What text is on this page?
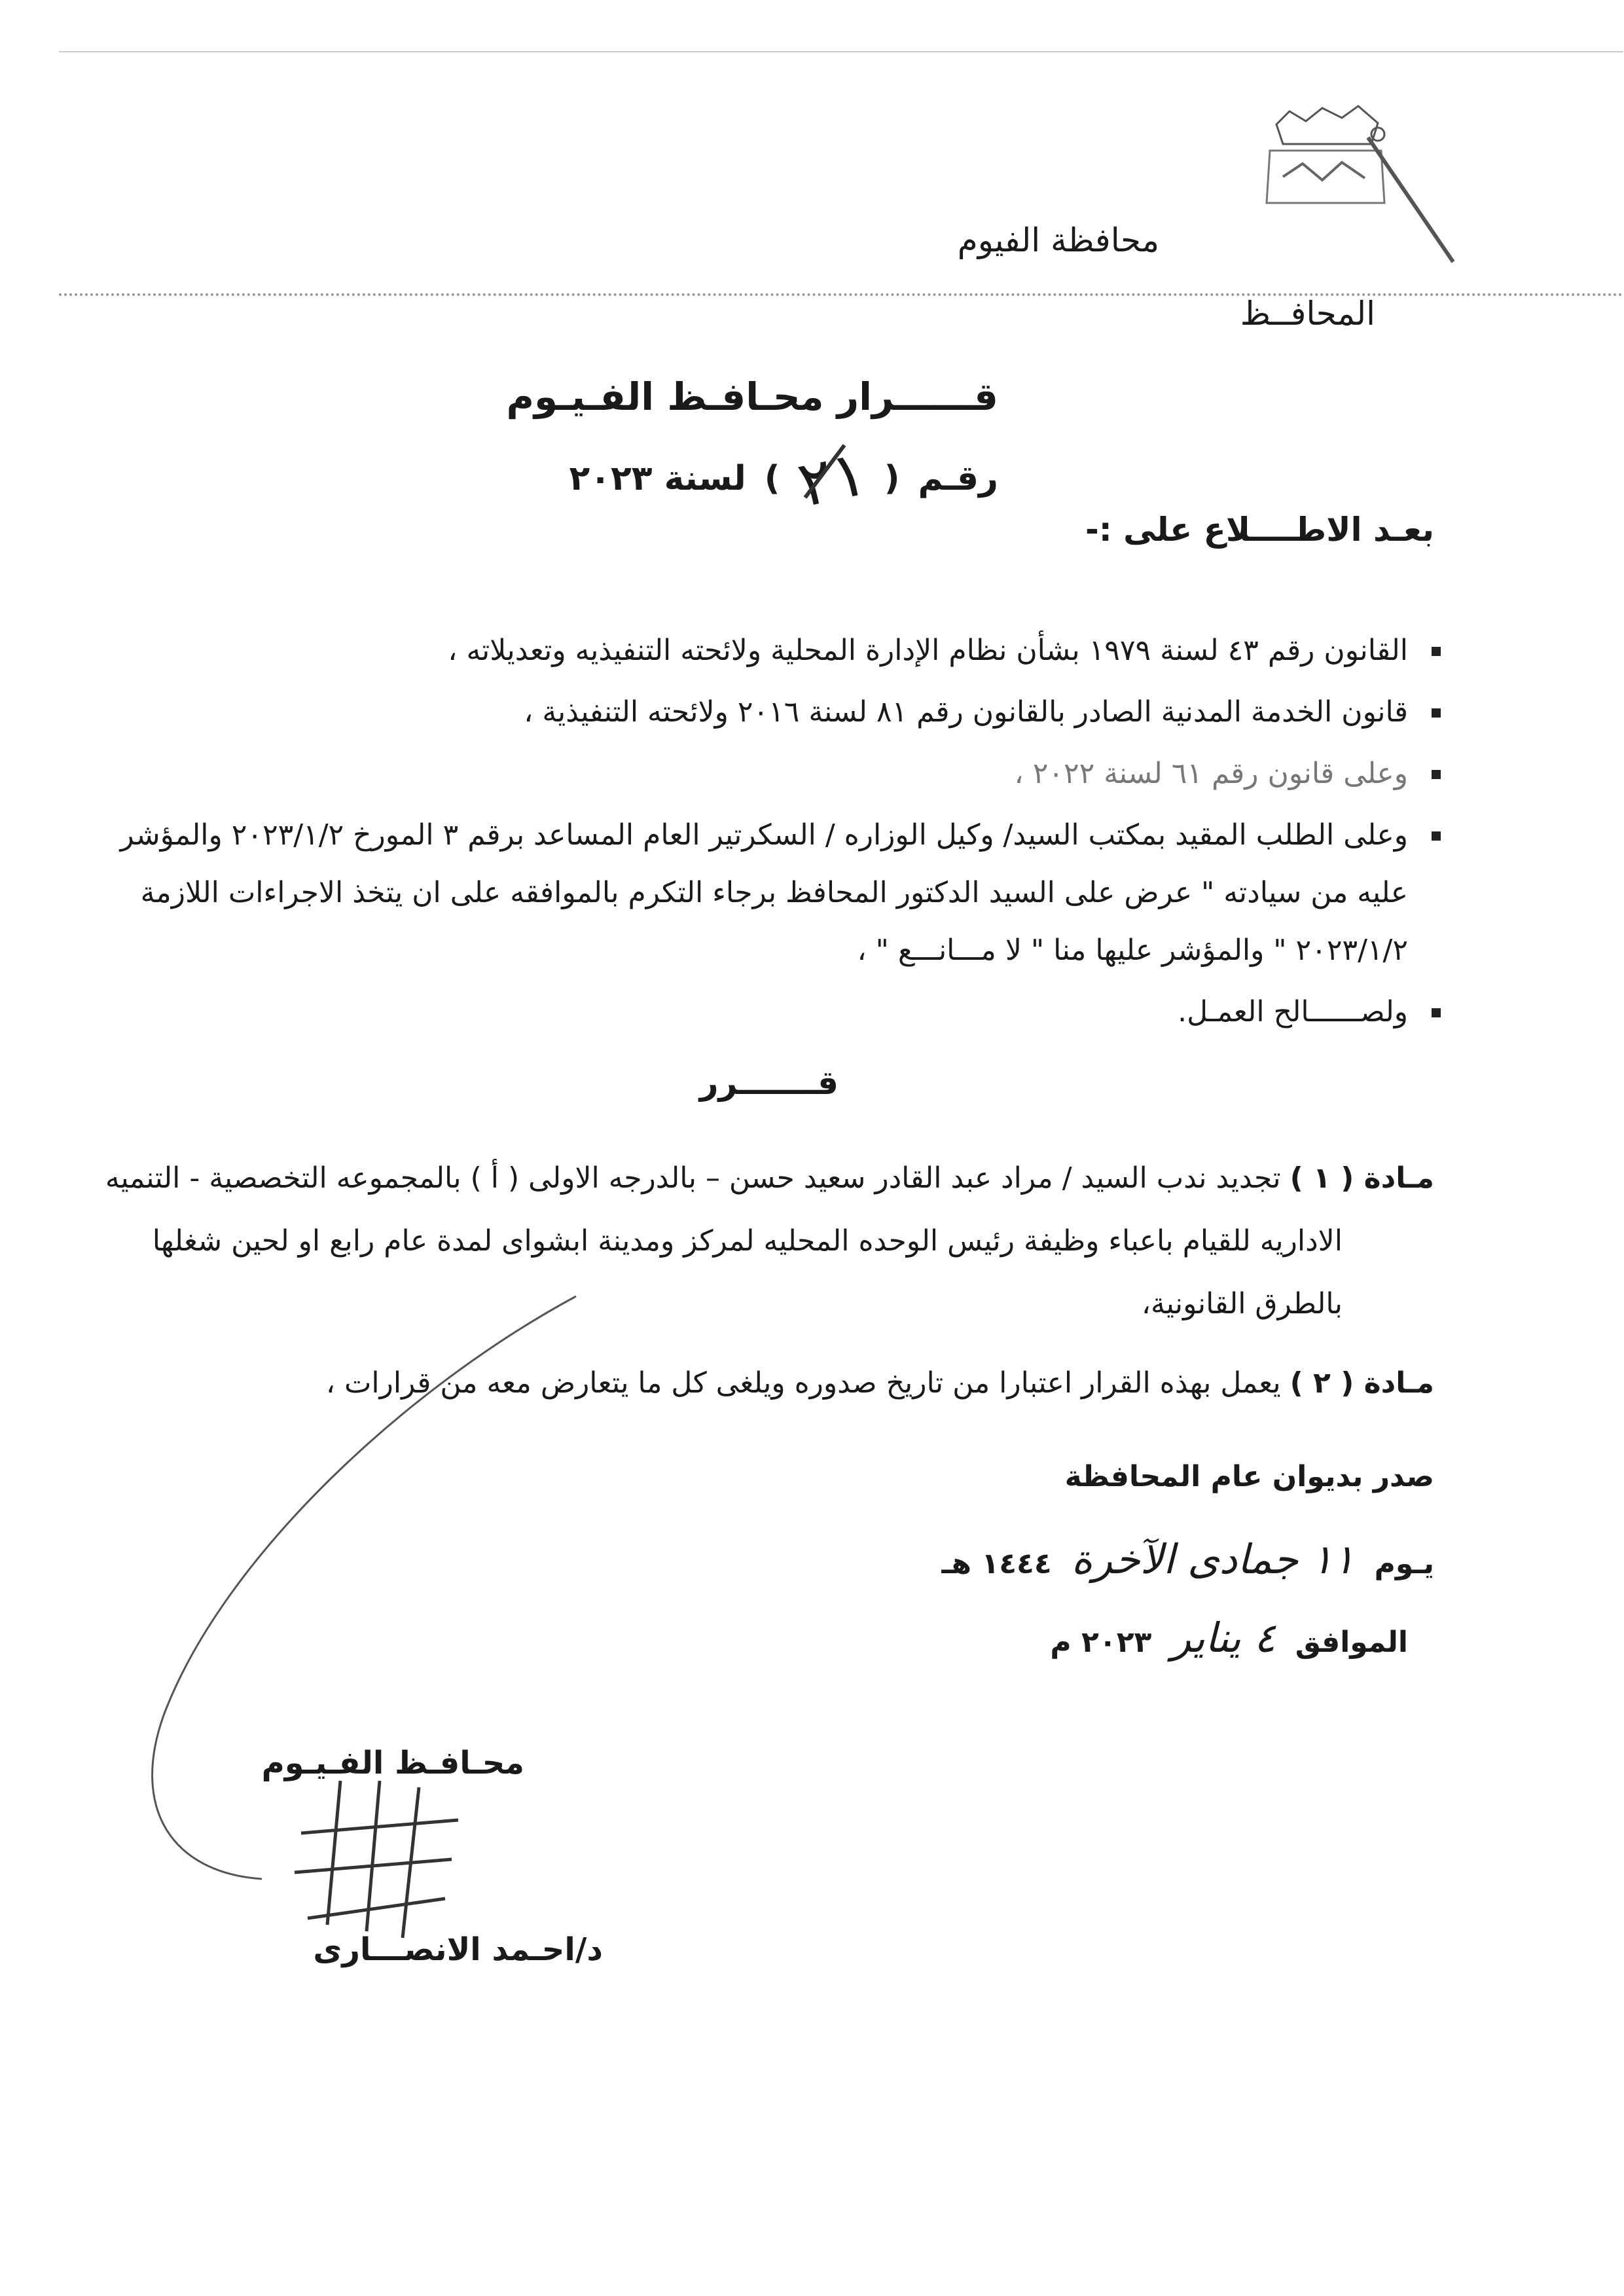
محافظة الفيوم
المحافــظ
قــــــرار محـافـظ الفـيـوم
رقـم
(
٢١
)
لسنة ٢٠٢٣
بعـد الاطــــلاع على :-
القانون رقم ٤٣ لسنة ١٩٧٩ بشأن نظام الإدارة المحلية ولائحته التنفيذيه وتعديلاته ،
قانون الخدمة المدنية الصادر بالقانون رقم ٨١ لسنة ٢٠١٦ ولائحته التنفيذية ،
وعلى قانون رقم ٦١ لسنة ٢٠٢٢ ،
وعلى الطلب المقيد بمكتب السيد/ وكيل الوزاره / السكرتير العام المساعد برقم ٣ المورخ ٢٠٢٣/١/٢ والمؤشر
عليه من سيادته " عرض على السيد الدكتور المحافظ برجاء التكرم بالموافقه على ان يتخذ الاجراءات اللازمة
٢٠٢٣/١/٢ " والمؤشر عليها منا " لا مـــانـــع " ،
ولصــــــالح العمـل.
قـــــــرر
مـادة ( ١ ) تجديد ندب السيد / مراد عبد القادر سعيد حسن – بالدرجه الاولى ( أ ) بالمجموعه التخصصية - التنميه
الاداريه للقيام باعباء وظيفة رئيس الوحده المحليه لمركز ومدينة ابشواى لمدة عام رابع او لحين شغلها
بالطرق القانونية،
مـادة ( ٢ ) يعمل بهذه القرار اعتبارا من تاريخ صدوره ويلغى كل ما يتعارض معه من قرارات ،
صدر بديوان عام المحافظة
يـوم
١١ جمادى الآخرة
١٤٤٤ هـ
الموافق
٤ يناير
٢٠٢٣ م
محـافـظ الفـيـوم
د/احـمد الانصـــارى
